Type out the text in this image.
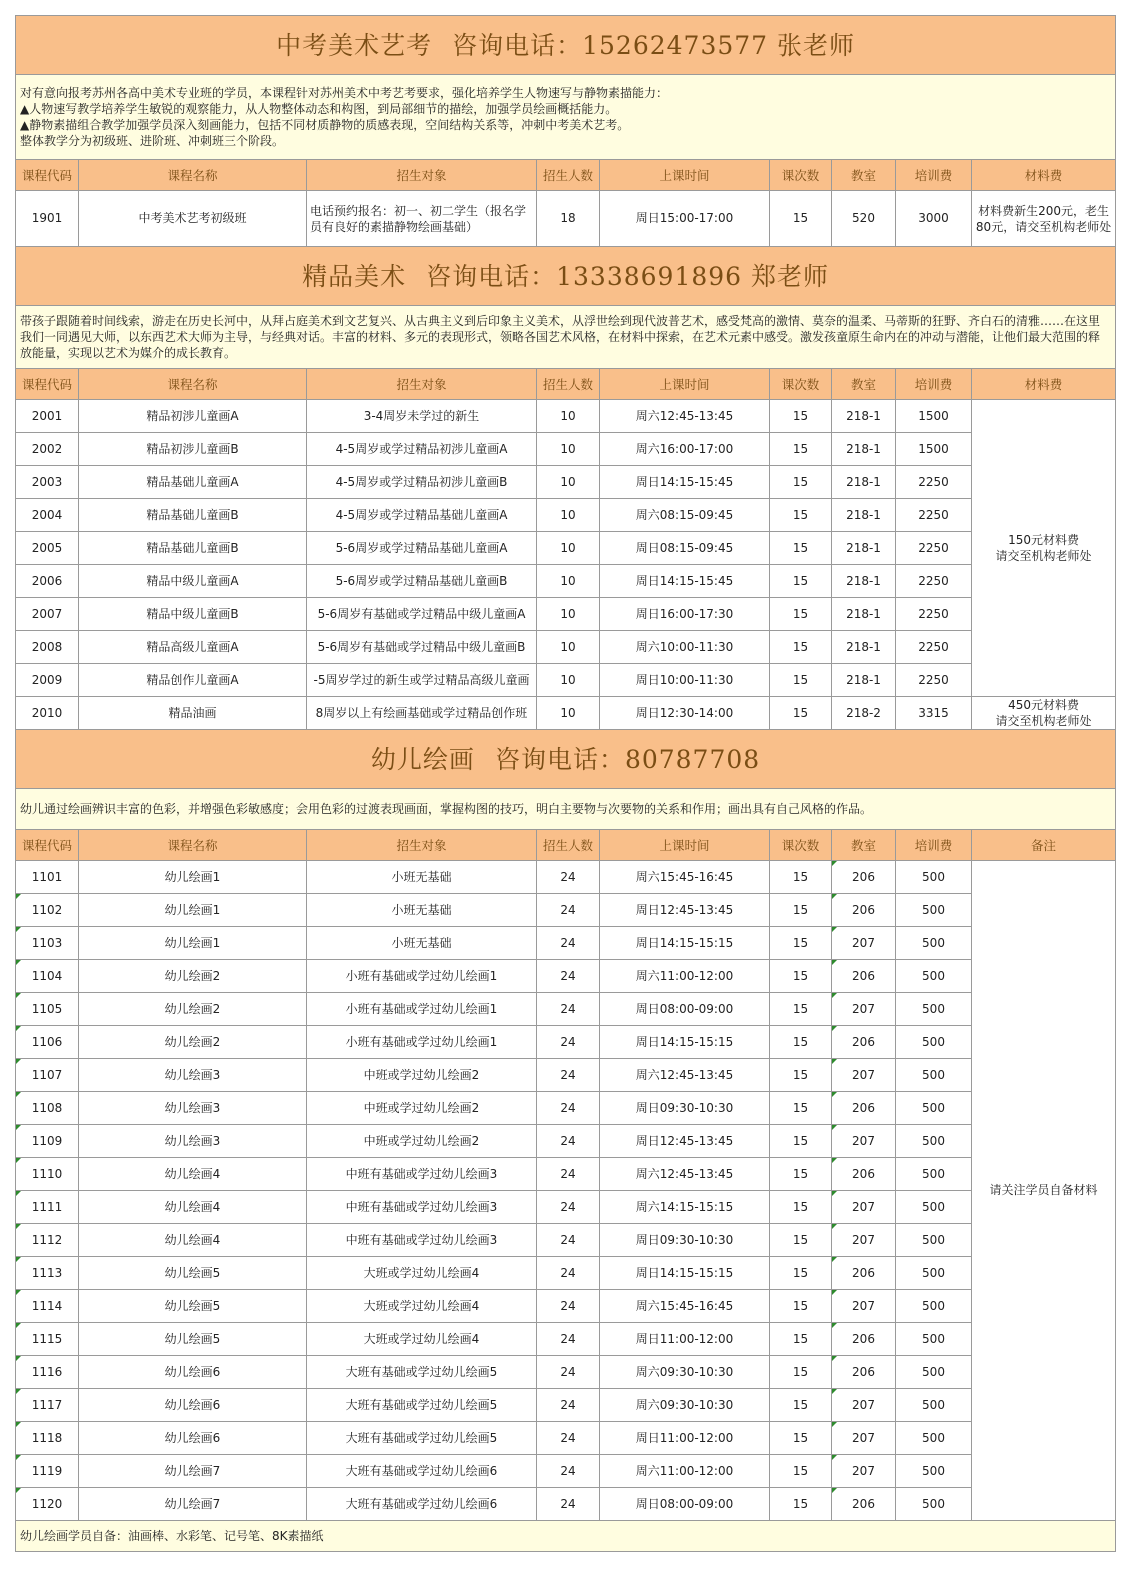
中考美术艺考 咨询电话：15262473577 张老师								

对有意向报考苏州各高中美术专业班的学员，本课程针对苏州美术中考艺考要求，强化培养学生人物速写与静物素描能力：
▲人物速写教学培养学生敏锐的观察能力，从人物整体动态和构图，到局部细节的描绘，加强学员绘画概括能力。
▲静物素描组合教学加强学员深入刻画能力，包括不同材质静物的质感表现，空间结构关系等，冲刺中考美术艺考。
整体教学分为初级班、进阶班、冲刺班三个阶段。								

课程代码	课程名称	招生对象	招生人数	上课时间	课次数	教室	培训费	材料费
1901	中考美术艺考初级班	电话预约报名：初一、初二学生（报名学员有良好的素描静物绘画基础）	18	周日15:00-17:00	15	520	3000	材料费新生200元，老生80元，请交至机构老师处
精品美术 咨询电话：13338691896 郑老师								
带孩子跟随着时间线索，游走在历史长河中，从拜占庭美术到文艺复兴、从古典主义到后印象主义美术，从浮世绘到现代波普艺术，感受梵高的激情、莫奈的温柔、马蒂斯的狂野、齐白石的清雅……在这里我们一同遇见大师，以东西艺术大师为主导，与经典对话。丰富的材料、多元的表现形式，领略各国艺术风格，在材料中探索，在艺术元素中感受。激发孩童原生命内在的冲动与潜能，让他们最大范围的释放能量，实现以艺术为媒介的成长教育。								
课程代码	课程名称	招生对象	招生人数	上课时间	课次数	教室	培训费	材料费
2001	精品初涉儿童画A	3-4周岁未学过的新生	10	周六12:45-13:45	15	218-1	1500	150元材料费
请交至机构老师处
2002	精品初涉儿童画B	4-5周岁或学过精品初涉儿童画A	10	周六16:00-17:00	15	218-1	1500	
2003	精品基础儿童画A	4-5周岁或学过精品初涉儿童画B	10	周日14:15-15:45	15	218-1	2250	
2004	精品基础儿童画B	4-5周岁或学过精品基础儿童画A	10	周六08:15-09:45	15	218-1	2250	
2005	精品基础儿童画B	5-6周岁或学过精品基础儿童画A	10	周日08:15-09:45	15	218-1	2250	
2006	精品中级儿童画A	5-6周岁或学过精品基础儿童画B	10	周日14:15-15:45	15	218-1	2250	
2007	精品中级儿童画B	5-6周岁有基础或学过精品中级儿童画A	10	周日16:00-17:30	15	218-1	2250	
2008	精品高级儿童画A	5-6周岁有基础或学过精品中级儿童画B	10	周六10:00-11:30	15	218-1	2250	
2009	精品创作儿童画A	-5周岁学过的新生或学过精品高级儿童画	10	周日10:00-11:30	15	218-1	2250	
2010	精品油画	8周岁以上有绘画基础或学过精品创作班	10	周日12:30-14:00	15	218-2	3315	450元材料费
请交至机构老师处
幼儿绘画 咨询电话：80787708								
幼儿通过绘画辨识丰富的色彩，并增强色彩敏感度；会用色彩的过渡表现画面，掌握构图的技巧，明白主要物与次要物的关系和作用；画出具有自己风格的作品。								
课程代码	课程名称	招生对象	招生人数	上课时间	课次数	教室	培训费	备注
1101	幼儿绘画1	小班无基础	24	周六15:45-16:45	15	206	500	请关注学员自备材料
1102	幼儿绘画1	小班无基础	24	周日12:45-13:45	15	206	500	
1103	幼儿绘画1	小班无基础	24	周日14:15-15:15	15	207	500	
1104	幼儿绘画2	小班有基础或学过幼儿绘画1	24	周六11:00-12:00	15	206	500	
1105	幼儿绘画2	小班有基础或学过幼儿绘画1	24	周日08:00-09:00	15	207	500	
1106	幼儿绘画2	小班有基础或学过幼儿绘画1	24	周日14:15-15:15	15	206	500	
1107	幼儿绘画3	中班或学过幼儿绘画2	24	周六12:45-13:45	15	207	500	
1108	幼儿绘画3	中班或学过幼儿绘画2	24	周日09:30-10:30	15	206	500	
1109	幼儿绘画3	中班或学过幼儿绘画2	24	周日12:45-13:45	15	207	500	
1110	幼儿绘画4	中班有基础或学过幼儿绘画3	24	周六12:45-13:45	15	206	500	
1111	幼儿绘画4	中班有基础或学过幼儿绘画3	24	周六14:15-15:15	15	207	500	
1112	幼儿绘画4	中班有基础或学过幼儿绘画3	24	周日09:30-10:30	15	207	500	
1113	幼儿绘画5	大班或学过幼儿绘画4	24	周日14:15-15:15	15	206	500	
1114	幼儿绘画5	大班或学过幼儿绘画4	24	周六15:45-16:45	15	207	500	
1115	幼儿绘画5	大班或学过幼儿绘画4	24	周日11:00-12:00	15	206	500	
1116	幼儿绘画6	大班有基础或学过幼儿绘画5	24	周六09:30-10:30	15	206	500	
1117	幼儿绘画6	大班有基础或学过幼儿绘画5	24	周六09:30-10:30	15	207	500	
1118	幼儿绘画6	大班有基础或学过幼儿绘画5	24	周日11:00-12:00	15	207	500	
1119	幼儿绘画7	大班有基础或学过幼儿绘画6	24	周六11:00-12:00	15	207	500	
1120	幼儿绘画7	大班有基础或学过幼儿绘画6	24	周日08:00-09:00	15	206	500	
幼儿绘画学员自备：油画棒、水彩笔、记号笔、8K素描纸								
